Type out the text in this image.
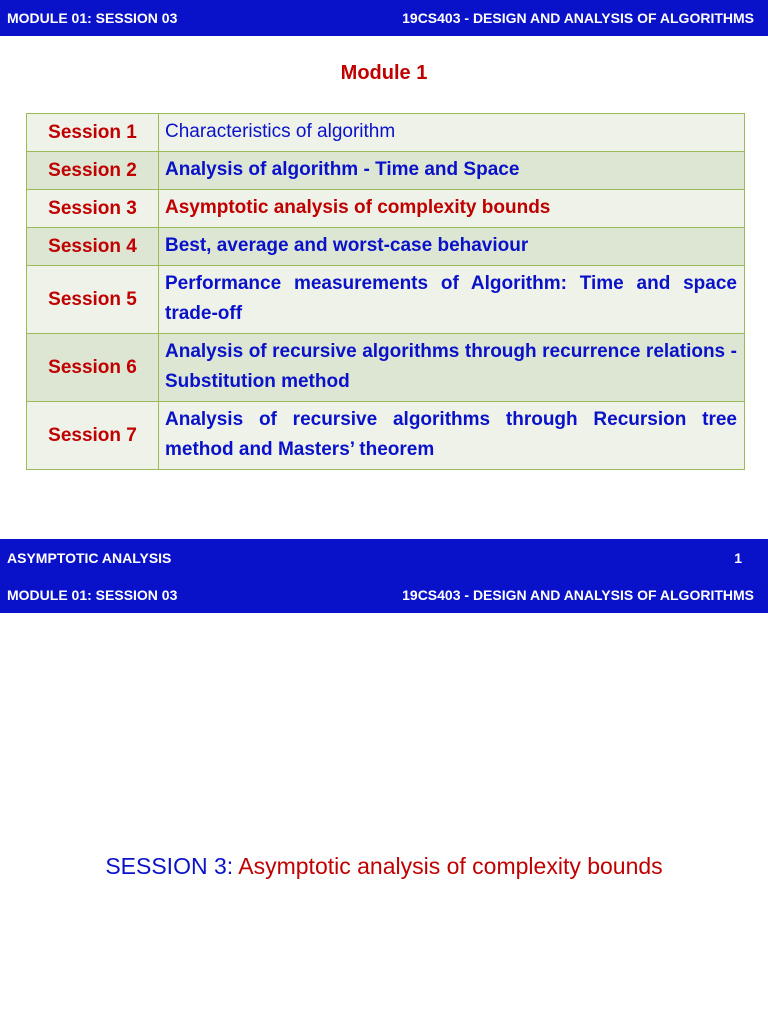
MODULE 01: SESSION 03	19CS403 - DESIGN AND ANALYSIS OF ALGORITHMS
Module 1
Session 1	Characteristics of algorithm
Session 2	Analysis of algorithm - Time and Space
Session 3	Asymptotic analysis of complexity bounds
Session 4	Best, average and worst-case behaviour
Session 5	Performance measurements of Algorithm: Time and space trade-off
Session 6	Analysis of recursive algorithms through recurrence relations - Substitution method
Session 7	Analysis of recursive algorithms through Recursion tree method and Masters’ theorem
ASYMPTOTIC ANALYSIS	1
MODULE 01: SESSION 03	19CS403 - DESIGN AND ANALYSIS OF ALGORITHMS
SESSION 3: Asymptotic analysis of complexity bounds
